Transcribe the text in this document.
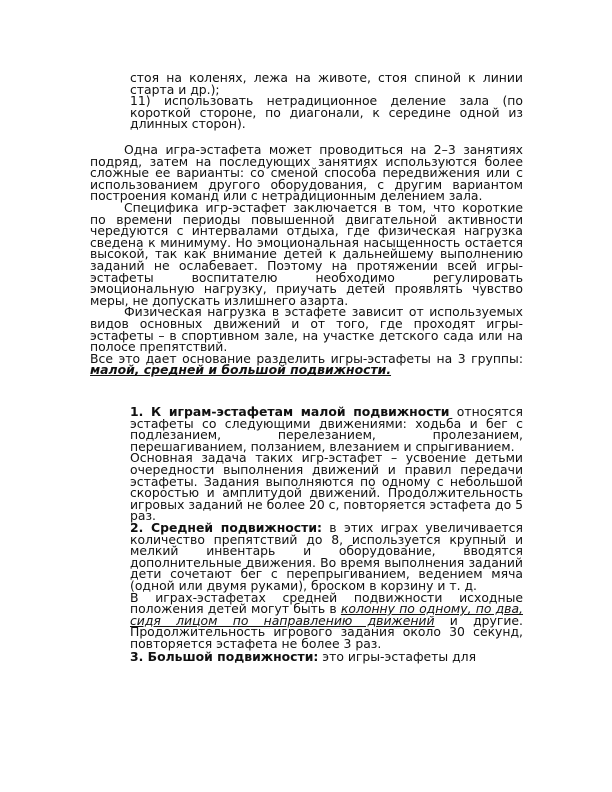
стоя на коленях, лежа на животе, стоя спиной к линии старта и др.);

11) использовать нетрадиционное деление зала (по короткой стороне, по диагонали, к середине одной из длинных сторон).

Одна игра-эстафета может проводиться на 2–3 занятиях подряд, затем на последующих занятиях используются более сложные ее варианты: со сменой способа передвижения или с использованием другого оборудования, с другим вариантом построения команд или с нетрадиционным делением зала.

Специфика игр-эстафет заключается в том, что короткие по времени периоды повышенной двигательной активности чередуются с интервалами отдыха, где физическая нагрузка сведена к минимуму. Но эмоциональная насыщенность остается высокой, так как внимание детей к дальнейшему выполнению заданий не ослабевает. Поэтому на протяжении всей игры-эстафеты воспитателю необходимо регулировать эмоциональную нагрузку, приучать детей проявлять чувство меры, не допускать излишнего азарта.

Физическая нагрузка в эстафете зависит от используемых видов основных движений и от того, где проходят игры-эстафеты – в спортивном зале, на участке детского сада или на полосе препятствий.

Все это дает основание разделить игры-эстафеты на 3 группы: малой, средней и большой подвижности.

1. К играм-эстафетам малой подвижности относятся эстафеты со следующими движениями: ходьба и бег с подлезанием, перелезанием, пролезанием, перешагиванием, ползанием, влезанием и спрыгиванием.

Основная задача таких игр-эстафет – усвоение детьми очередности выполнения движений и правил передачи эстафеты. Задания выполняются по одному с небольшой скоростью и амплитудой движений. Продолжительность игровых заданий не более 20 с, повторяется эстафета до 5 раз.

2. Средней подвижности: в этих играх увеличивается количество препятствий до 8, используется крупный и мелкий инвентарь и оборудование, вводятся дополнительные движения. Во время выполнения заданий дети сочетают бег с перепрыгиванием, ведением мяча (одной или двумя руками), броском в корзину и т. д.

В играх-эстафетах средней подвижности исходные положения детей могут быть в колонну по одному, по два, сидя лицом по направлению движений и другие. Продолжительность игрового задания около 30 секунд, повторяется эстафета не более 3 раз.

3. Большой подвижности: это игры-эстафеты для
